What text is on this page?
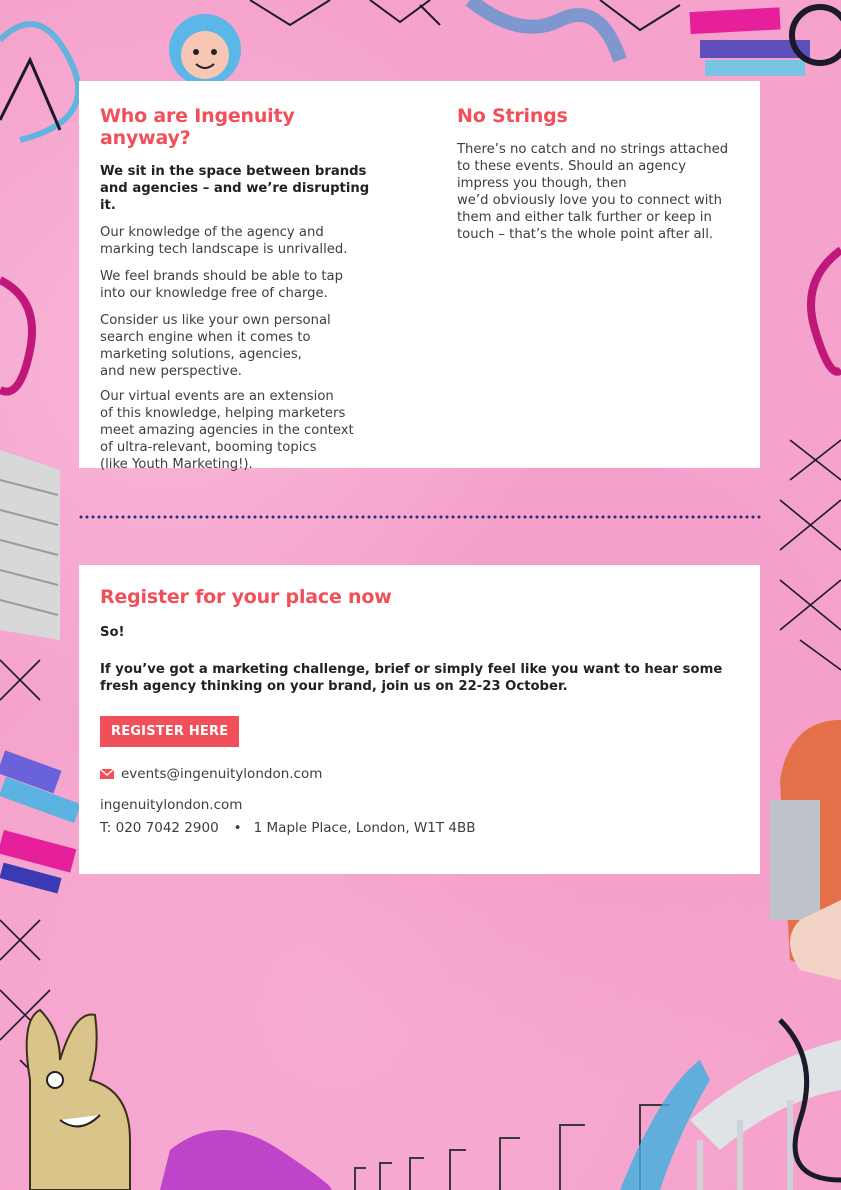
Who are Ingenuity anyway?
We sit in the space between brands
and agencies – and we’re disrupting it.
Our knowledge of the agency and
marking tech landscape is unrivalled.
We feel brands should be able to tap
into our knowledge free of charge.
Consider us like your own personal
search engine when it comes to
marketing solutions, agencies,
and new perspective.
Our virtual events are an extension
of this knowledge, helping marketers
meet amazing agencies in the context
of ultra-relevant, booming topics
(like Youth Marketing!).
No Strings
There’s no catch and no strings attached
to these events. Should an agency
impress you though, then
we’d obviously love you to connect with
them and either talk further or keep in
touch – that’s the whole point after all.
Register for your place now
So!
If you’ve got a marketing challenge, brief or simply feel like you want to hear some
fresh agency thinking on your brand, join us on 22-23 October.
REGISTER HERE
events@ingenuitylondon.com
ingenuitylondon.com
T: 020 7042 2900 • 1 Maple Place, London, W1T 4BB
